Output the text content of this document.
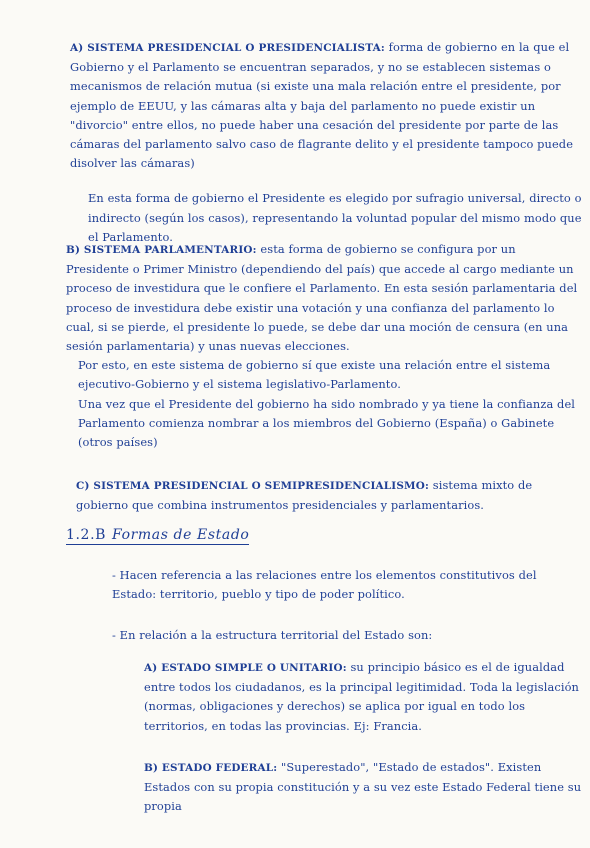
A) SISTEMA PRESIDENCIAL O PRESIDENCIALISTA: forma de gobierno en la que el Gobierno y el Parlamento se encuentran separados, y no se establecen sistemas o mecanismos de relación mutua (si existe una mala relación entre el presidente, por ejemplo de EEUU, y las cámaras alta y baja del parlamento no puede existir un "divorcio" entre ellos, no puede haber una cesación del presidente por parte de las cámaras del parlamento salvo caso de flagrante delito y el presidente tampoco puede disolver las cámaras)

En esta forma de gobierno el Presidente es elegido por sufragio universal, directo o indirecto (según los casos), representando la voluntad popular del mismo modo que el Parlamento.

B) SISTEMA PARLAMENTARIO: esta forma de gobierno se configura por un Presidente o Primer Ministro (dependiendo del país) que accede al cargo mediante un proceso de investidura que le confiere el Parlamento. En esta sesión parlamentaria del proceso de investidura debe existir una votación y una confianza del parlamento lo cual, si se pierde, el presidente lo puede, se debe dar una moción de censura (en una sesión parlamentaria) y unas nuevas elecciones.

Por esto, en este sistema de gobierno sí que existe una relación entre el sistema ejecutivo-Gobierno y el sistema legislativo-Parlamento.

Una vez que el Presidente del gobierno ha sido nombrado y ya tiene la confianza del Parlamento comienza nombrar a los miembros del Gobierno (España) o Gabinete (otros países)

C) SISTEMA PRESIDENCIAL O SEMIPRESIDENCIALISMO: sistema mixto de gobierno que combina instrumentos presidenciales y parlamentarios.

1.2.B Formas de Estado

- Hacen referencia a las relaciones entre los elementos constitutivos del Estado: territorio, pueblo y tipo de poder político.

- En relación a la estructura territorial del Estado son:

A) ESTADO SIMPLE O UNITARIO: su principio básico es el de igualdad entre todos los ciudadanos, es la principal legitimidad. Toda la legislación (normas, obligaciones y derechos) se aplica por igual en todo los territorios, en todas las provincias. Ej: Francia.

B) ESTADO FEDERAL: "Superestado", "Estado de estados". Existen Estados con su propia constitución y a su vez este Estado Federal tiene su propia
